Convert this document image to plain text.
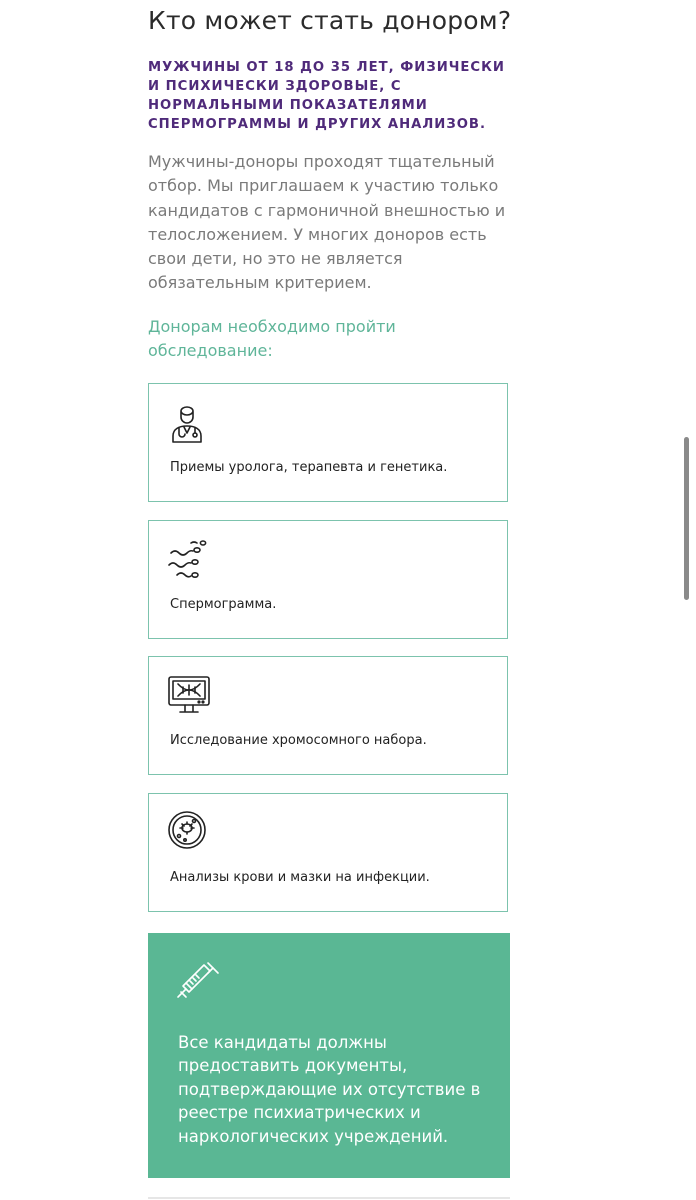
Кто может стать донором?
МУЖЧИНЫ ОТ 18 ДО 35 ЛЕТ, ФИЗИЧЕСКИ И ПСИХИЧЕСКИ ЗДОРОВЫЕ, С НОРМАЛЬНЫМИ ПОКАЗАТЕЛЯМИ СПЕРМОГРАММЫ И ДРУГИХ АНАЛИЗОВ.
Мужчины-доноры проходят тщательный отбор. Мы приглашаем к участию только кандидатов с гармоничной внешностью и телосложением. У многих доноров есть свои дети, но это не является обязательным критерием.
Донорам необходимо пройти обследование:
Приемы уролога, терапевта и генетика.
Спермограмма.
Исследование хромосомного набора.
Анализы крови и мазки на инфекции.
Все кандидаты должны предоставить документы, подтверждающие их отсутствие в реестре психиатрических и наркологических учреждений.
